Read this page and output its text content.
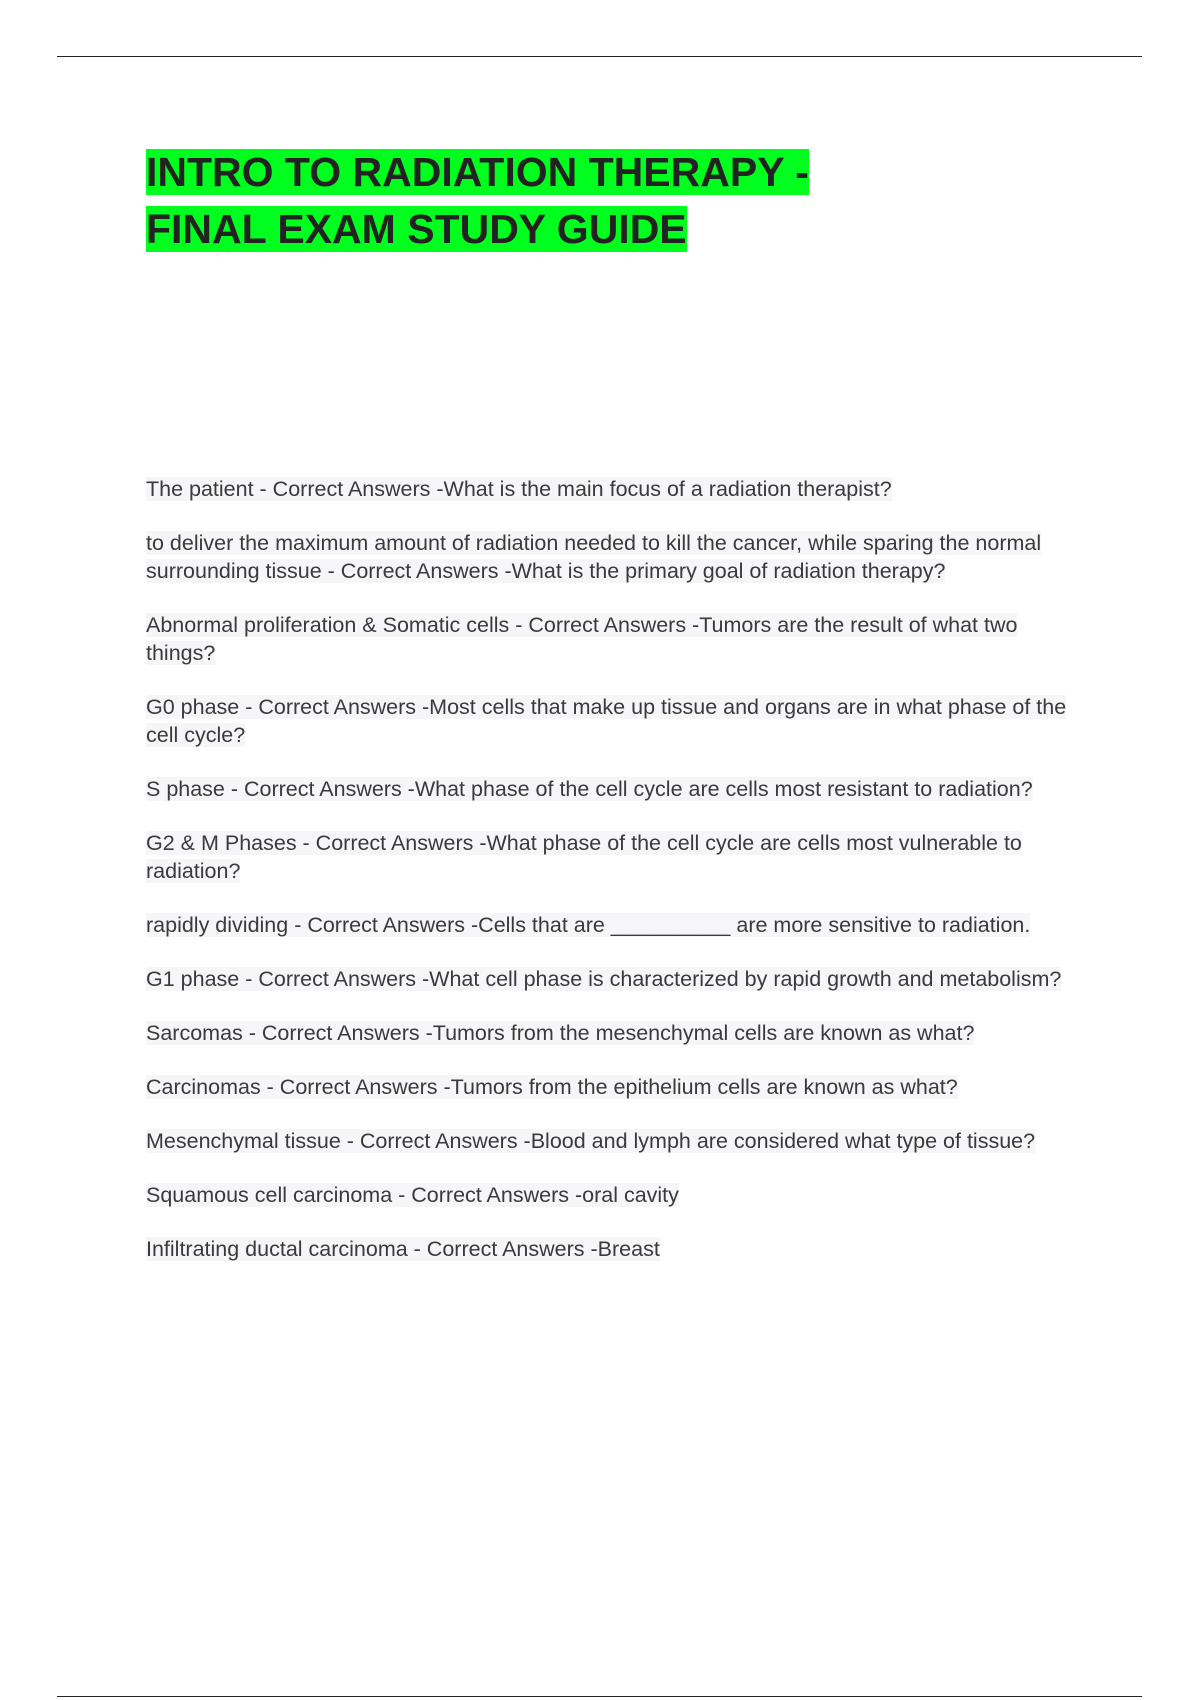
INTRO TO RADIATION THERAPY -
FINAL EXAM STUDY GUIDE
The patient - Correct Answers -What is the main focus of a radiation therapist?
to deliver the maximum amount of radiation needed to kill the cancer, while sparing the normal surrounding tissue - Correct Answers -What is the primary goal of radiation therapy?
Abnormal proliferation & Somatic cells - Correct Answers -Tumors are the result of what two things?
G0 phase - Correct Answers -Most cells that make up tissue and organs are in what phase of the cell cycle?
S phase - Correct Answers -What phase of the cell cycle are cells most resistant to radiation?
G2 & M Phases - Correct Answers -What phase of the cell cycle are cells most vulnerable to radiation?
rapidly dividing - Correct Answers -Cells that are __________ are more sensitive to radiation.
G1 phase - Correct Answers -What cell phase is characterized by rapid growth and metabolism?
Sarcomas - Correct Answers -Tumors from the mesenchymal cells are known as what?
Carcinomas - Correct Answers -Tumors from the epithelium cells are known as what?
Mesenchymal tissue - Correct Answers -Blood and lymph are considered what type of tissue?
Squamous cell carcinoma - Correct Answers -oral cavity
Infiltrating ductal carcinoma - Correct Answers -Breast
